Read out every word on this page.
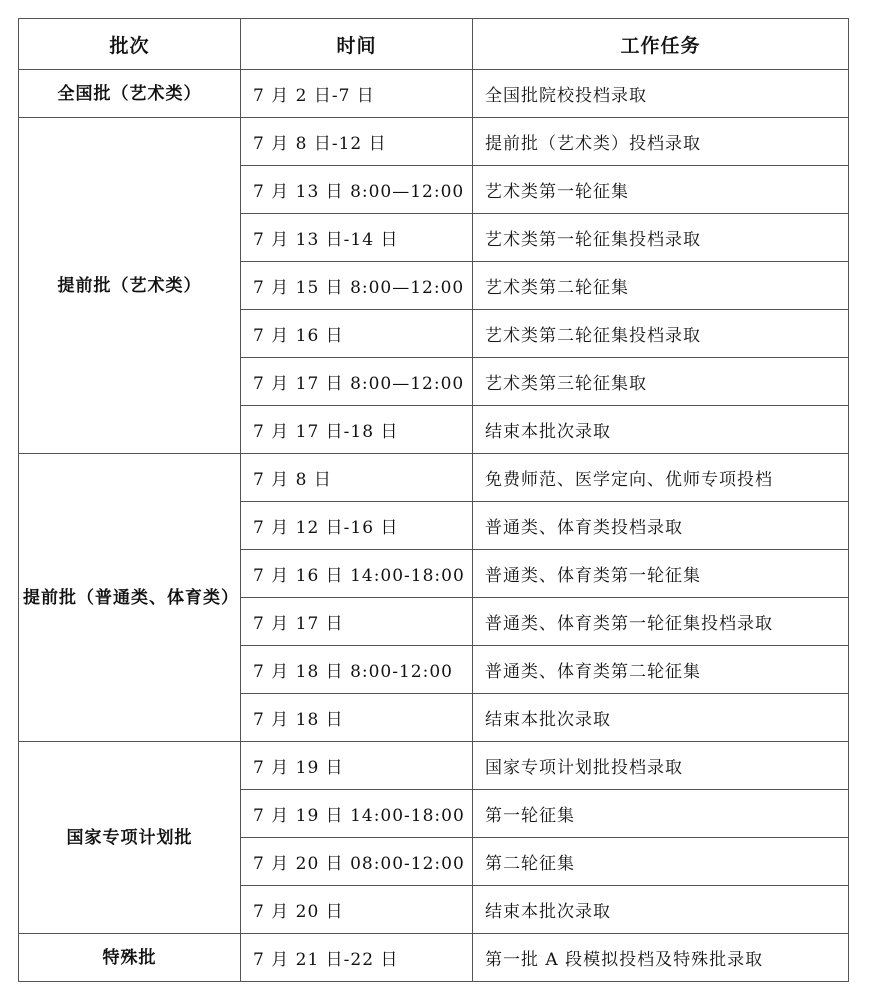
批次	时间	工作任务
全国批（艺术类）	7 月 2 日-7 日	全国批院校投档录取
提前批（艺术类）	7 月 8 日-12 日	提前批（艺术类）投档录取
	7 月 13 日 8:00—12:00	艺术类第一轮征集
	7 月 13 日-14 日	艺术类第一轮征集投档录取
	7 月 15 日 8:00—12:00	艺术类第二轮征集
	7 月 16 日	艺术类第二轮征集投档录取
	7 月 17 日 8:00—12:00	艺术类第三轮征集取
	7 月 17 日-18 日	结束本批次录取
提前批（普通类、体育类）	7 月 8 日	免费师范、医学定向、优师专项投档
	7 月 12 日-16 日	普通类、体育类投档录取
	7 月 16 日 14:00-18:00	普通类、体育类第一轮征集
	7 月 17 日	普通类、体育类第一轮征集投档录取
	7 月 18 日 8:00-12:00	普通类、体育类第二轮征集
	7 月 18 日	结束本批次录取
国家专项计划批	7 月 19 日	国家专项计划批投档录取
	7 月 19 日 14:00-18:00	第一轮征集
	7 月 20 日 08:00-12:00	第二轮征集
	7 月 20 日	结束本批次录取
特殊批	7 月 21 日-22 日	第一批 A 段模拟投档及特殊批录取
